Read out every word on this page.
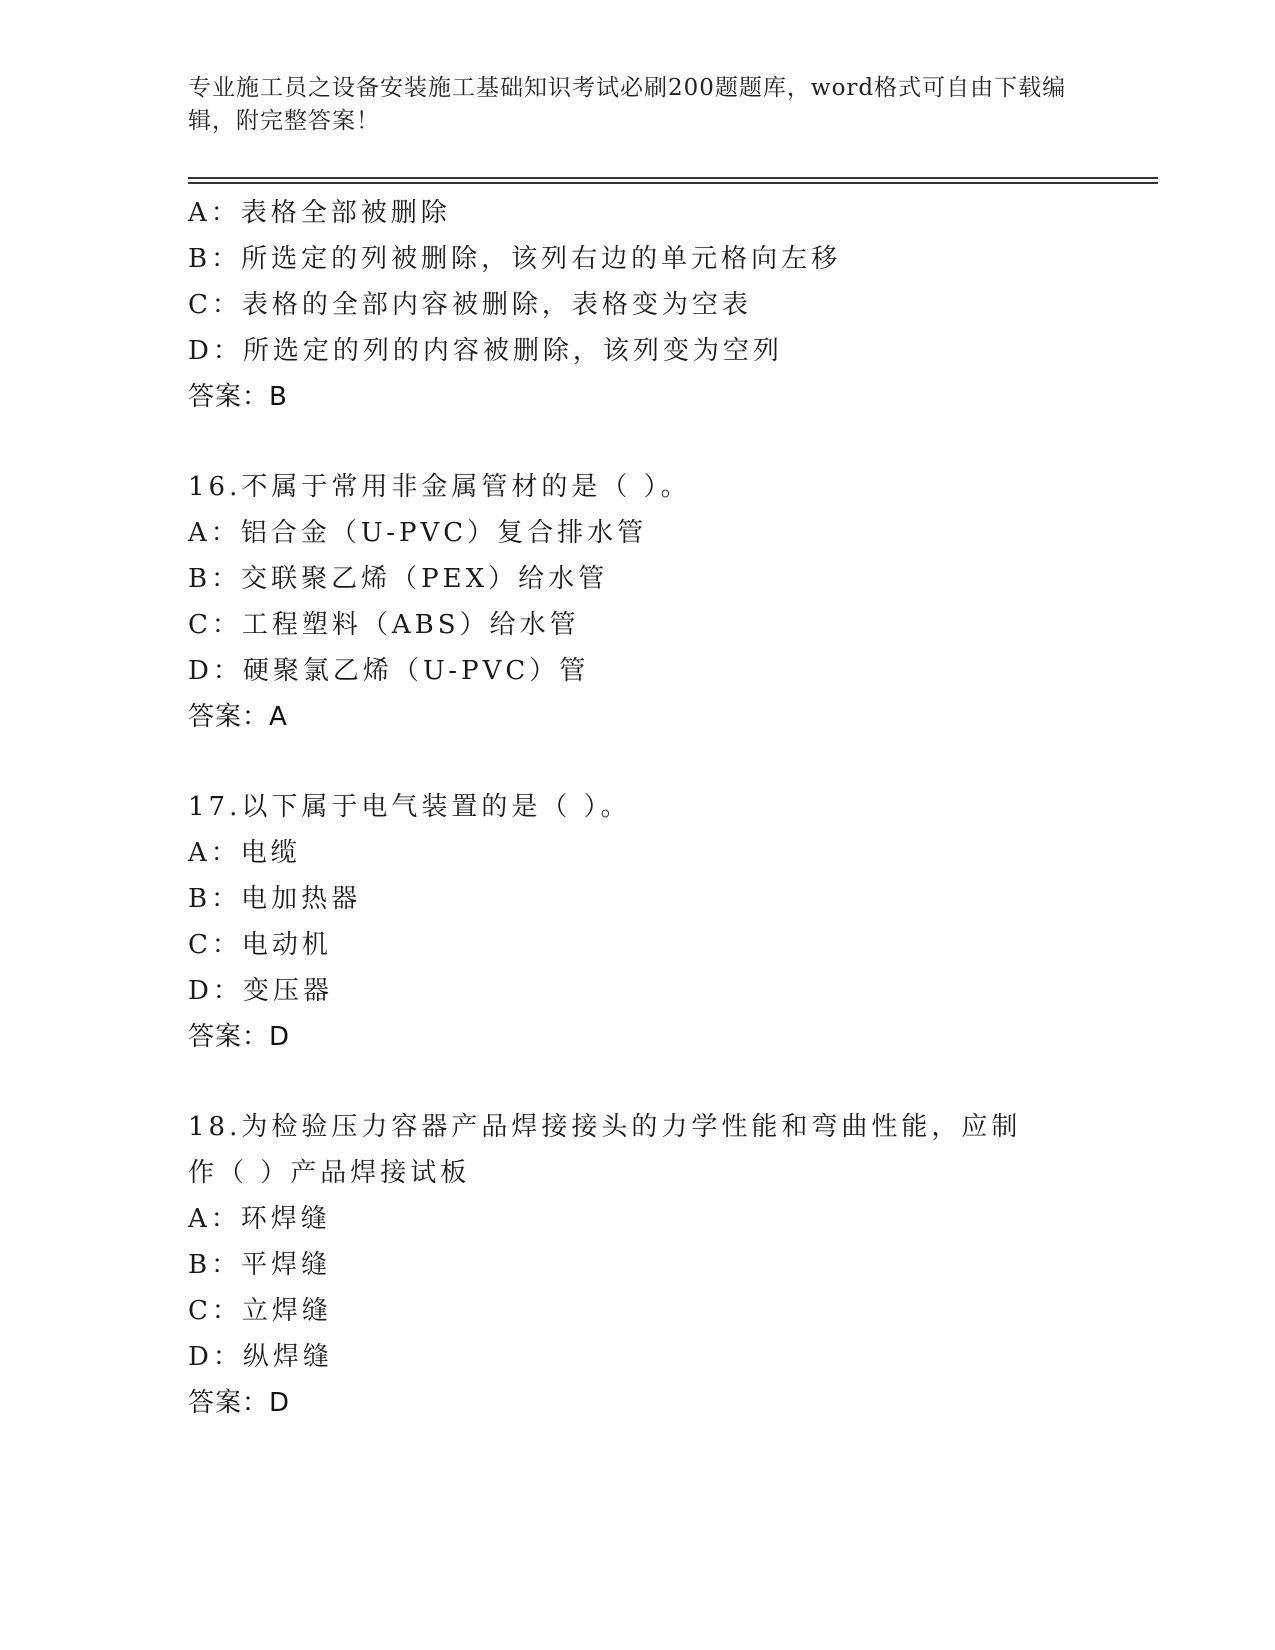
专业施工员之设备安装施工基础知识考试必刷200题题库，word格式可自由下载编辑，附完整答案！
A：表格全部被删除
B：所选定的列被删除，该列右边的单元格向左移
C：表格的全部内容被删除，表格变为空表
D：所选定的列的内容被删除，该列变为空列
答案：B
16.不属于常用非金属管材的是（ ）。
A：铝合金（U-PVC）复合排水管
B：交联聚乙烯（PEX）给水管
C：工程塑料（ABS）给水管
D：硬聚氯乙烯（U-PVC）管
答案：A
17.以下属于电气装置的是（ ）。
A：电缆
B：电加热器
C：电动机
D：变压器
答案：D
18.为检验压力容器产品焊接接头的力学性能和弯曲性能，应制作（ ）产品焊接试板
A：环焊缝
B：平焊缝
C：立焊缝
D：纵焊缝
答案：D
